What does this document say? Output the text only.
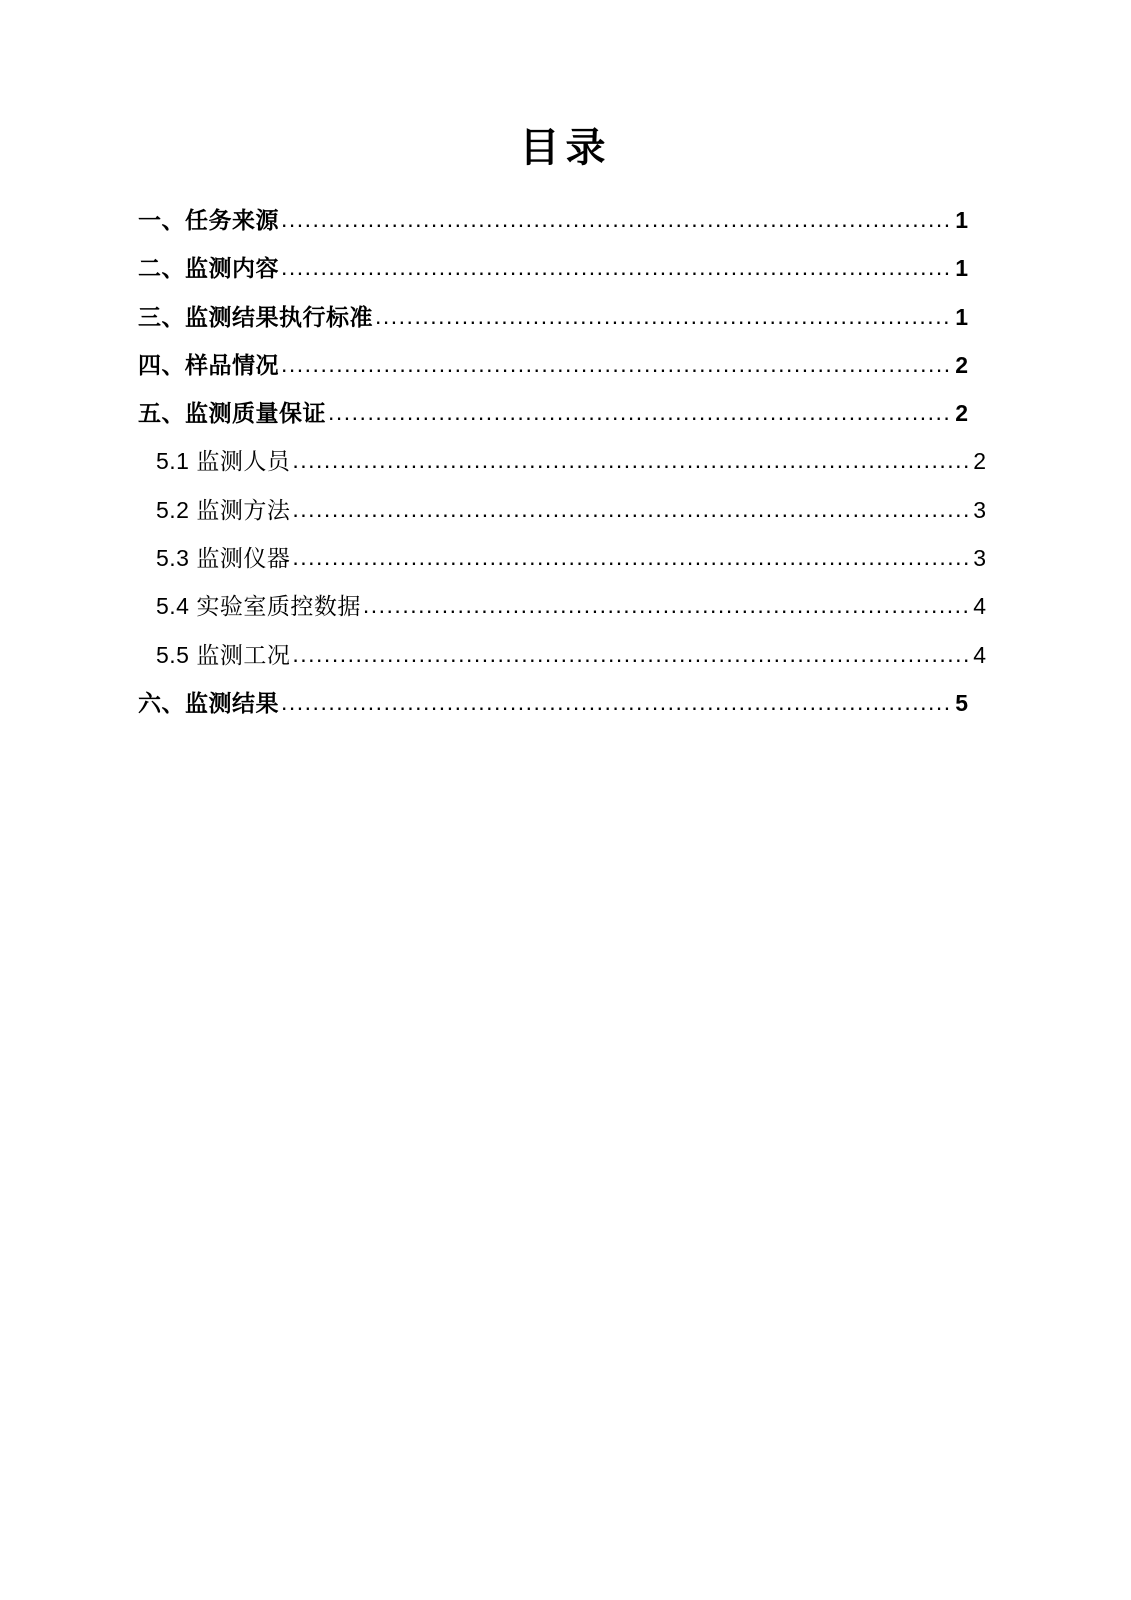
目录
一、任务来源 .....	1
二、监测内容 .....	1
三、监测结果执行标准 .....	1
四、样品情况 .....	2
五、监测质量保证 .....	2
5.1 监测人员 .....	2
5.2 监测方法 .....	3
5.3 监测仪器 .....	3
5.4 实验室质控数据 .....	4
5.5 监测工况 .....	4
六、监测结果 .....	5
